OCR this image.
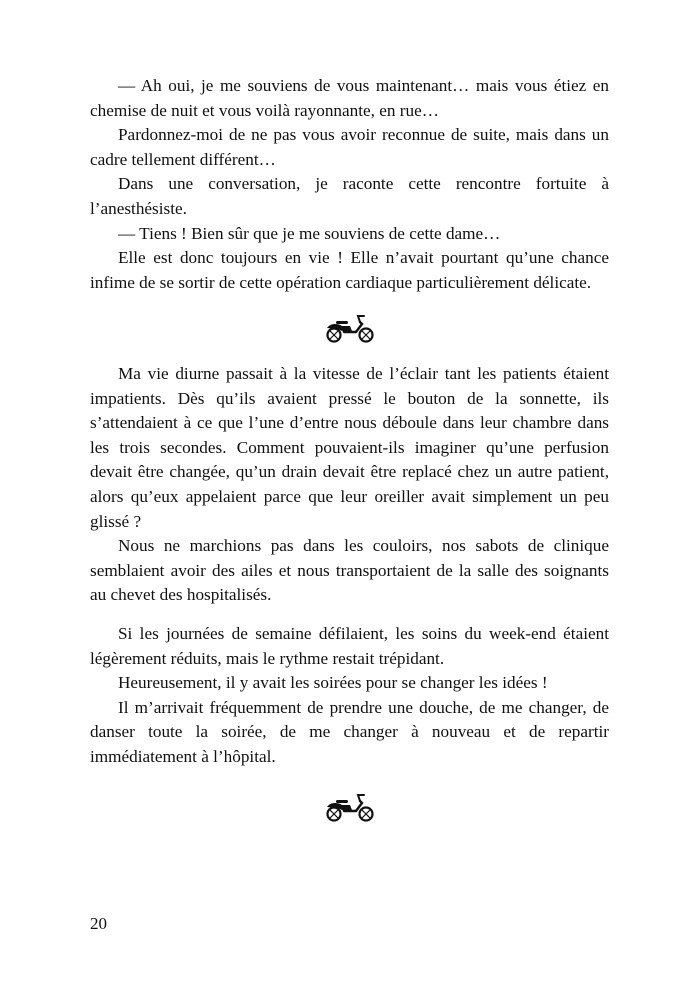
— Ah oui, je me souviens de vous maintenant… mais vous étiez en chemise de nuit et vous voilà rayonnante, en rue…

Pardonnez-moi de ne pas vous avoir reconnue de suite, mais dans un cadre tellement différent…

Dans une conversation, je raconte cette rencontre fortuite à l’anesthésiste.

— Tiens ! Bien sûr que je me souviens de cette dame…

Elle est donc toujours en vie ! Elle n’avait pourtant qu’une chance infime de se sortir de cette opération cardiaque particulièrement délicate.

Ma vie diurne passait à la vitesse de l’éclair tant les patients étaient impatients. Dès qu’ils avaient pressé le bouton de la sonnette, ils s’attendaient à ce que l’une d’entre nous déboule dans leur chambre dans les trois secondes. Comment pouvaient-ils imaginer qu’une perfusion devait être changée, qu’un drain devait être replacé chez un autre patient, alors qu’eux appelaient parce que leur oreiller avait simplement un peu glissé ?

Nous ne marchions pas dans les couloirs, nos sabots de clinique semblaient avoir des ailes et nous transportaient de la salle des soignants au chevet des hospitalisés.

Si les journées de semaine défilaient, les soins du week-end étaient légèrement réduits, mais le rythme restait trépidant.

Heureusement, il y avait les soirées pour se changer les idées !

Il m’arrivait fréquemment de prendre une douche, de me changer, de danser toute la soirée, de me changer à nouveau et de repartir immédiatement à l’hôpital.

20
